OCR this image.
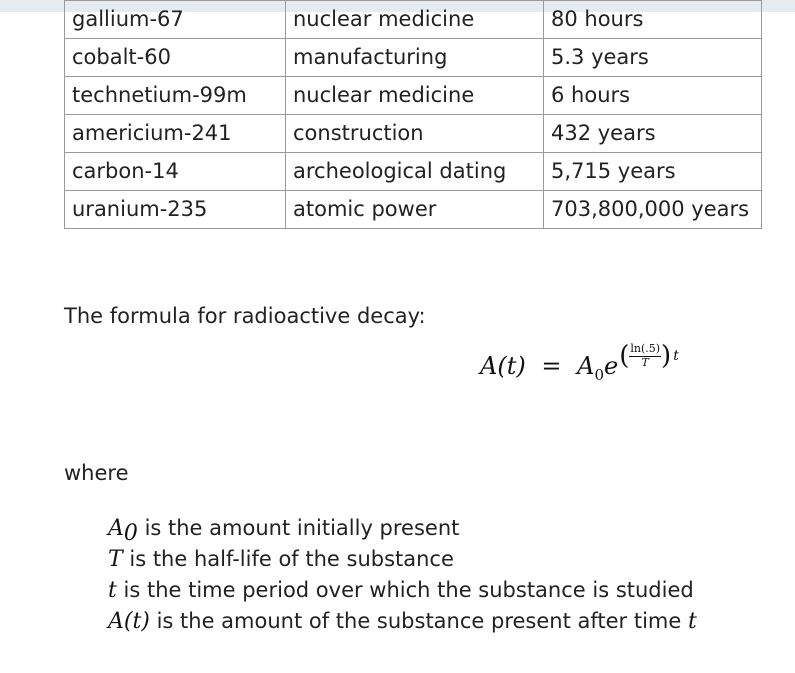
gallium-67	nuclear medicine	80 hours
cobalt-60	manufacturing	5.3 years
technetium-99m	nuclear medicine	6 hours
americium-241	construction	432 years
carbon-14	archeological dating	5,715 years
uranium-235	atomic power	703,800,000 years

The formula for radioactive decay:

$A(t) = A_0e( \frac{\ln(.5)}{T}$ ) t

where

$A_0$ is the amount initially present
T is the half-life of the substance
t is the time period over which the substance is studied
A(t) is the amount of the substance present after time t
